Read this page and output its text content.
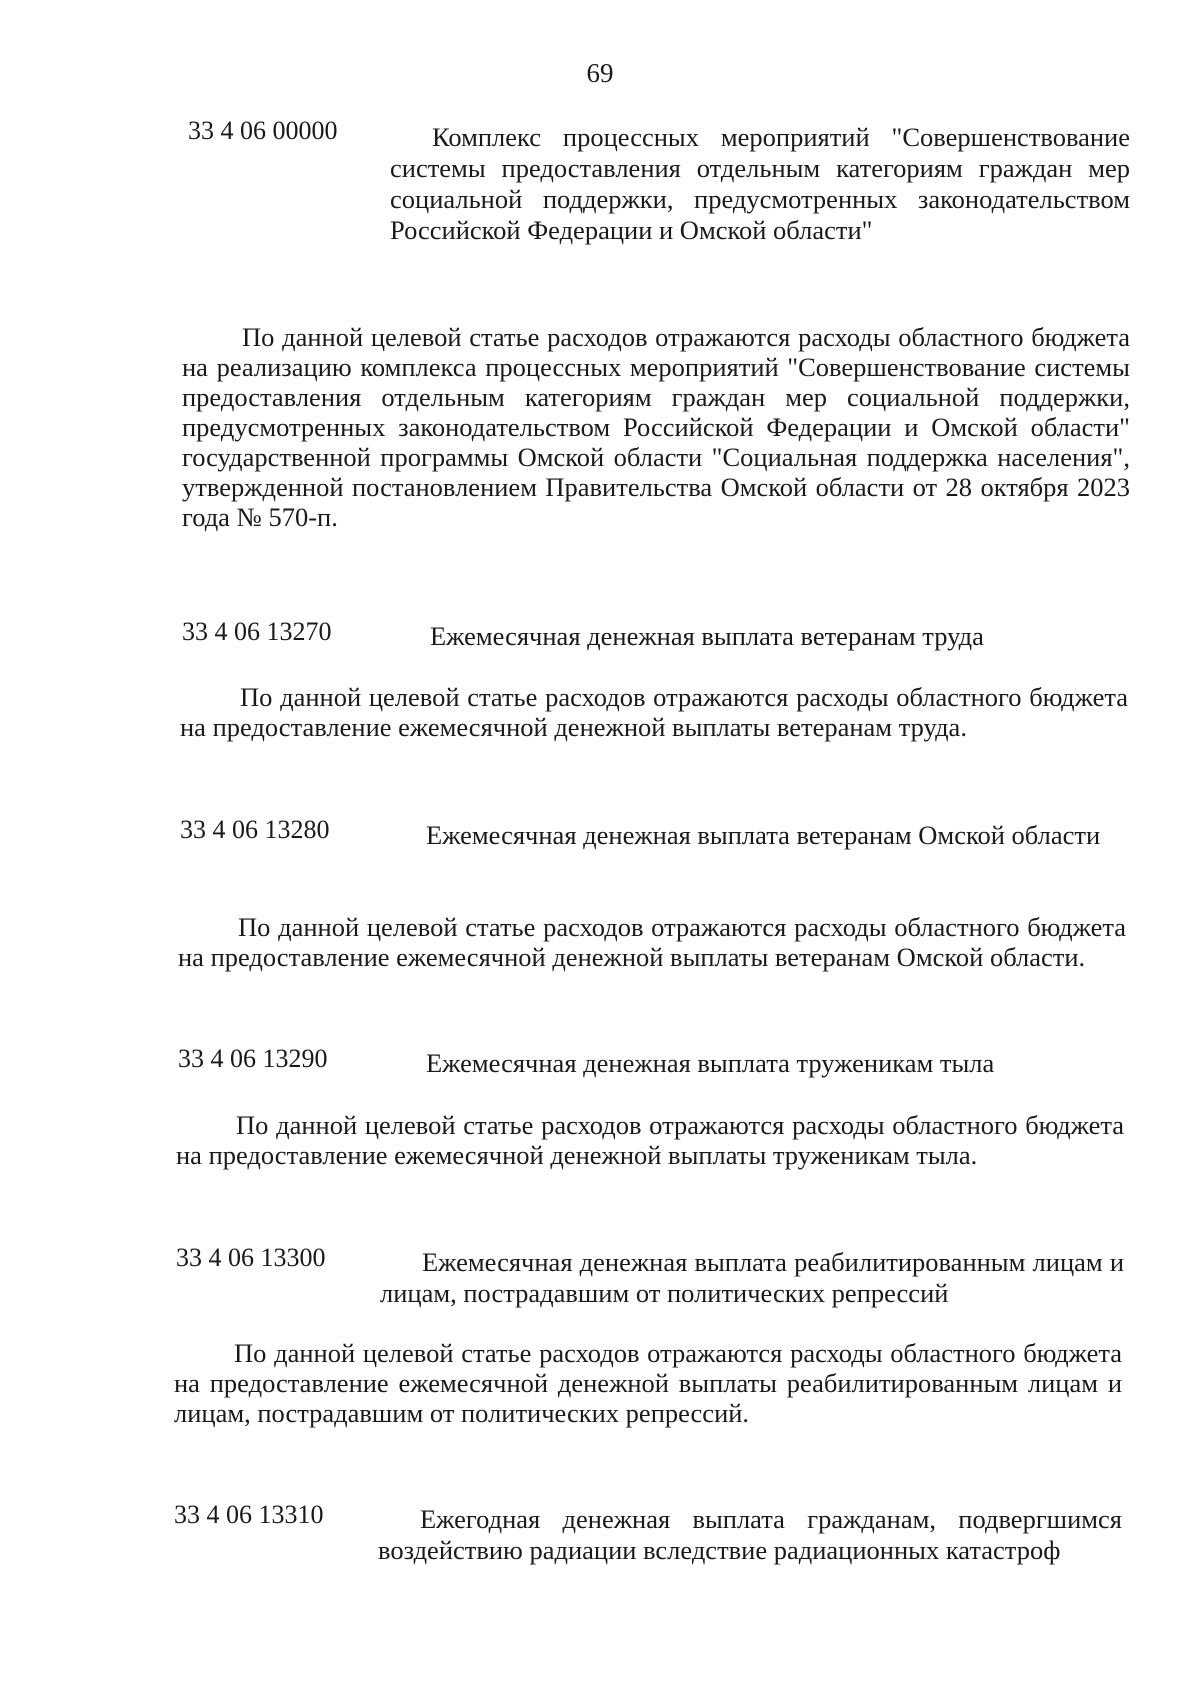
69
33 4 06 00000	Комплекс процессных мероприятий "Совершенствование системы предоставления отдельным категориям граждан мер социальной поддержки, предусмотренных законодательством Российской Федерации и Омской области"
По данной целевой статье расходов отражаются расходы областного бюджета на реализацию комплекса процессных мероприятий "Совершенствование системы предоставления отдельным категориям граждан мер социальной поддержки, предусмотренных законодательством Российской Федерации и Омской области" государственной программы Омской области "Социальная поддержка населения", утвержденной постановлением Правительства Омской области от 28 октября 2023 года № 570-п.
33 4 06 13270	Ежемесячная денежная выплата ветеранам труда
По данной целевой статье расходов отражаются расходы областного бюджета на предоставление ежемесячной денежной выплаты ветеранам труда.
33 4 06 13280	Ежемесячная денежная выплата ветеранам Омской области
По данной целевой статье расходов отражаются расходы областного бюджета на предоставление ежемесячной денежной выплаты ветеранам Омской области.
33 4 06 13290	Ежемесячная денежная выплата труженикам тыла
По данной целевой статье расходов отражаются расходы областного бюджета на предоставление ежемесячной денежной выплаты труженикам тыла.
33 4 06 13300	Ежемесячная денежная выплата реабилитированным лицам и лицам, пострадавшим от политических репрессий
По данной целевой статье расходов отражаются расходы областного бюджета на предоставление ежемесячной денежной выплаты реабилитированным лицам и лицам, пострадавшим от политических репрессий.
33 4 06 13310	Ежегодная денежная выплата гражданам, подвергшимся воздействию радиации вследствие радиационных катастроф
